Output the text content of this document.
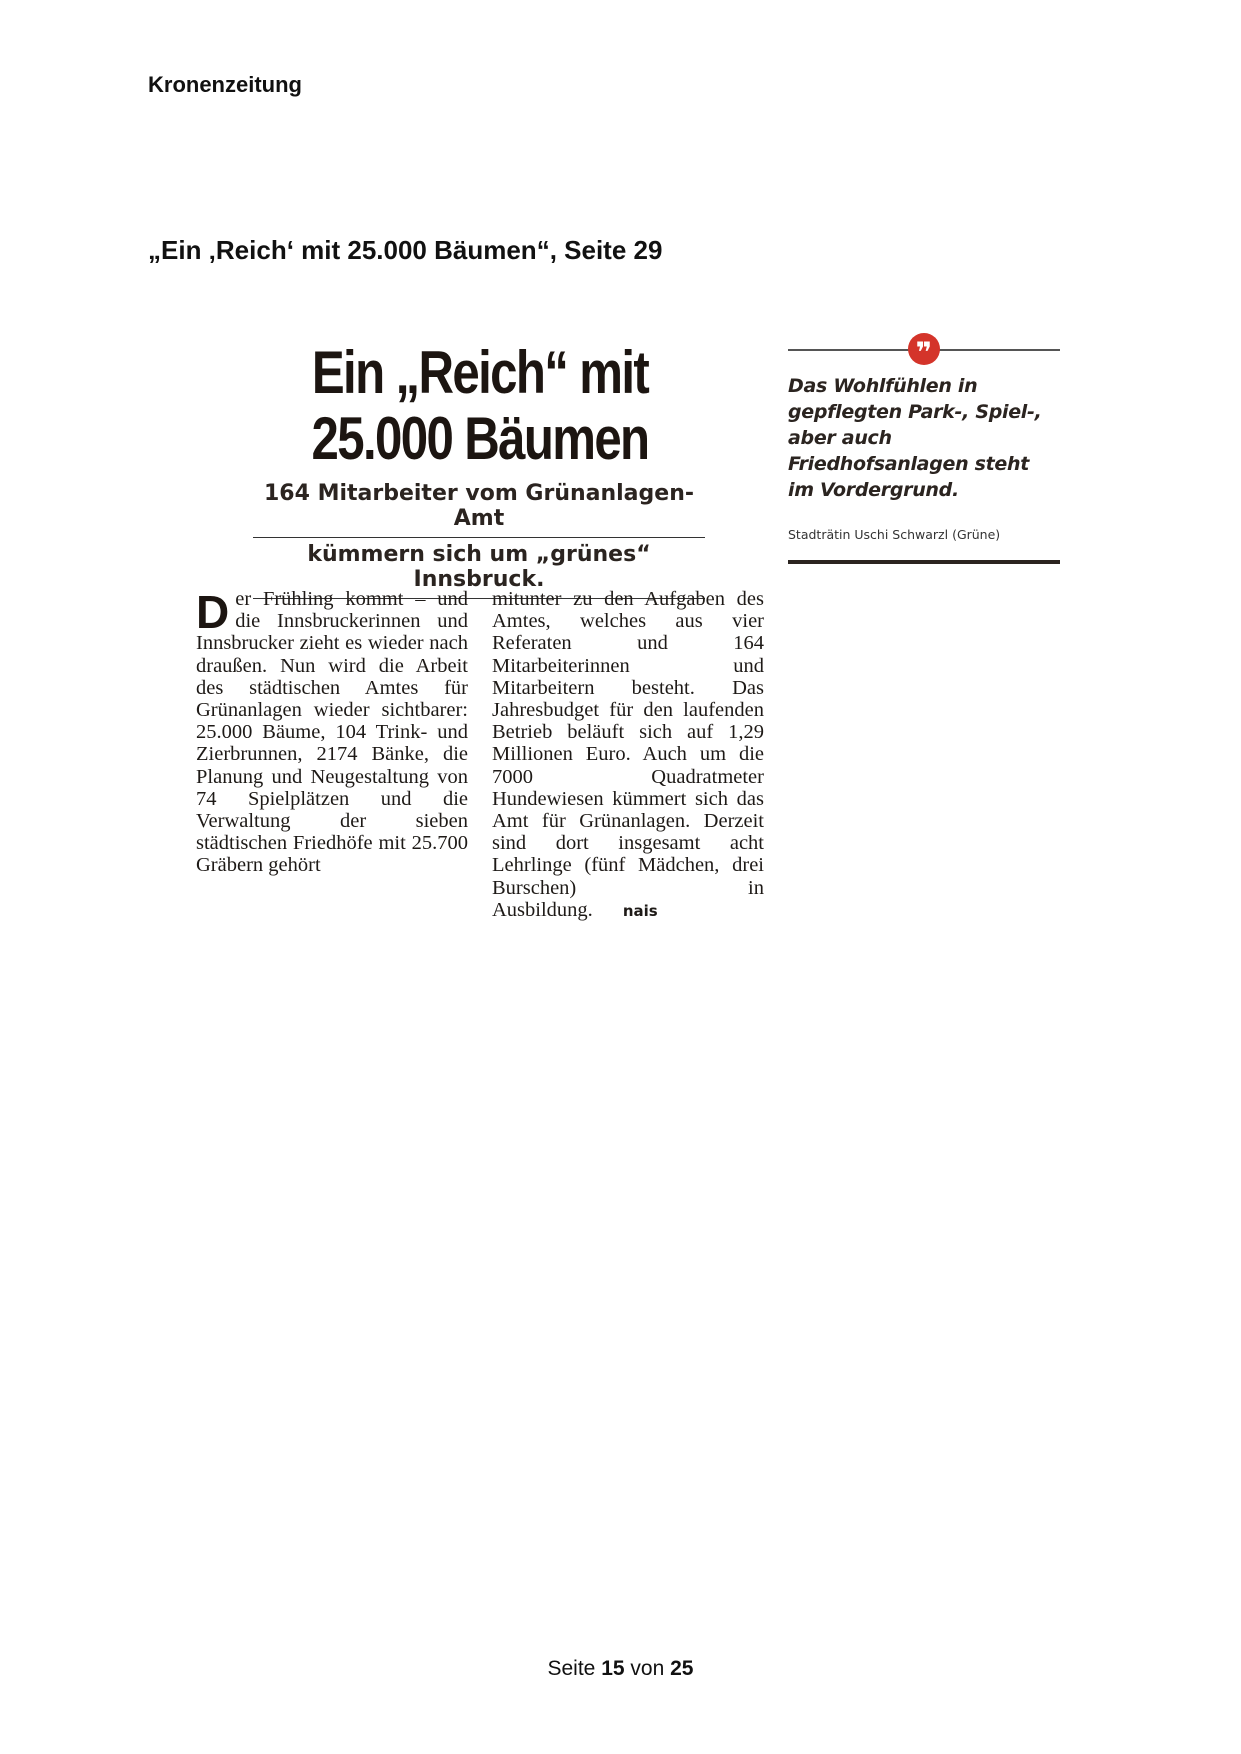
Kronenzeitung
„Ein ‚Reich‘ mit 25.000 Bäumen“, Seite 29
Ein „Reich“ mit
25.000 Bäumen
164 Mitarbeiter vom Grünanlagen-Amt
kümmern sich um „grünes“ Innsbruck.
Der Frühling kommt – und die Innsbruckerinnen und Innsbrucker zieht es wieder nach draußen. Nun wird die Arbeit des städtischen Amtes für Grünanlagen wieder sichtbarer: 25.000 Bäume, 104 Trink- und Zierbrunnen, 2174 Bänke, die Planung und Neugestaltung von 74 Spielplätzen und die Verwaltung der sieben städtischen Friedhöfe mit 25.700 Gräbern gehört
mitunter zu den Aufgaben des Amtes, welches aus vier Referaten und 164 Mitarbeiterinnen und Mitarbeitern besteht. Das Jahresbudget für den laufenden Betrieb beläuft sich auf 1,29 Millionen Euro. Auch um die 7000 Quadratmeter Hundewiesen kümmert sich das Amt für Grünanlagen. Derzeit sind dort insgesamt acht Lehrlinge (fünf Mädchen, drei Burschen) in Ausbildung. nais
❞
Das Wohlfühlen in gepflegten Park-, Spiel-, aber auch Friedhofsanlagen steht im Vordergrund.
Stadträtin Uschi Schwarzl (Grüne)
Seite 15 von 25
